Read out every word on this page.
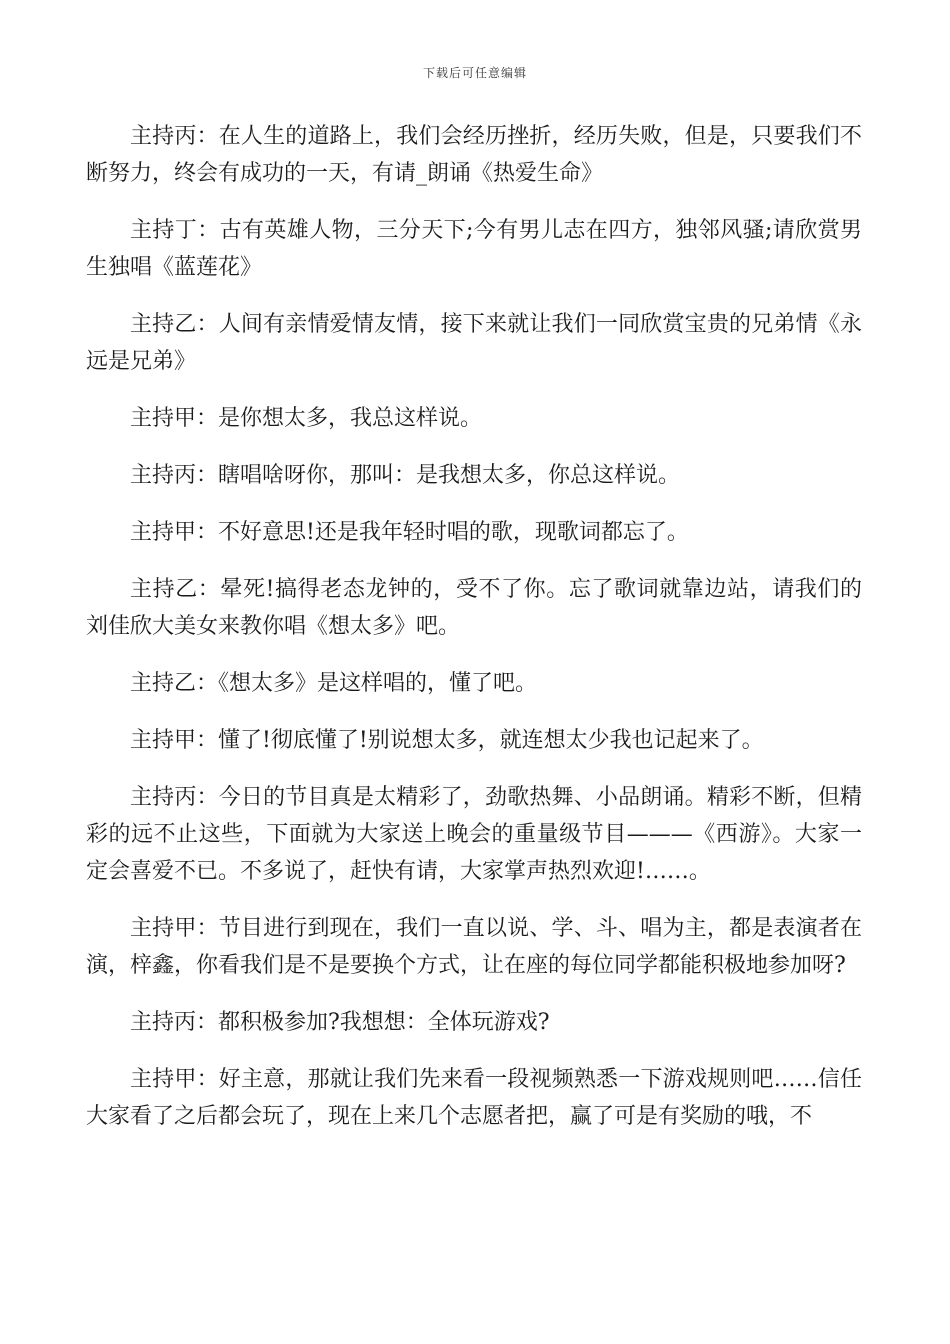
下载后可任意编辑

主持丙：在人生的道路上，我们会经历挫折，经历失败，但是，只要我们不断努力，终会有成功的一天，有请_朗诵《热爱生命》

主持丁：古有英雄人物，三分天下;今有男儿志在四方，独邻风骚;请欣赏男生独唱《蓝莲花》

主持乙：人间有亲情爱情友情，接下来就让我们一同欣赏宝贵的兄弟情《永远是兄弟》

主持甲：是你想太多，我总这样说。

主持丙：瞎唱啥呀你，那叫：是我想太多，你总这样说。

主持甲：不好意思!还是我年轻时唱的歌，现歌词都忘了。

主持乙：晕死!搞得老态龙钟的，受不了你。忘了歌词就靠边站，请我们的刘佳欣大美女来教你唱《想太多》吧。

主持乙：《想太多》是这样唱的，懂了吧。

主持甲：懂了!彻底懂了!别说想太多，就连想太少我也记起来了。

主持丙：今日的节目真是太精彩了，劲歌热舞、小品朗诵。精彩不断，但精彩的远不止这些，下面就为大家送上晚会的重量级节目———《西游》。大家一定会喜爱不已。不多说了，赶快有请，大家掌声热烈欢迎!……。

主持甲：节目进行到现在，我们一直以说、学、斗、唱为主，都是表演者在演，梓鑫，你看我们是不是要换个方式，让在座的每位同学都能积极地参加呀?

主持丙：都积极参加?我想想：全体玩游戏?

主持甲：好主意，那就让我们先来看一段视频熟悉一下游戏规则吧……信任大家看了之后都会玩了，现在上来几个志愿者把，赢了可是有奖励的哦，不
